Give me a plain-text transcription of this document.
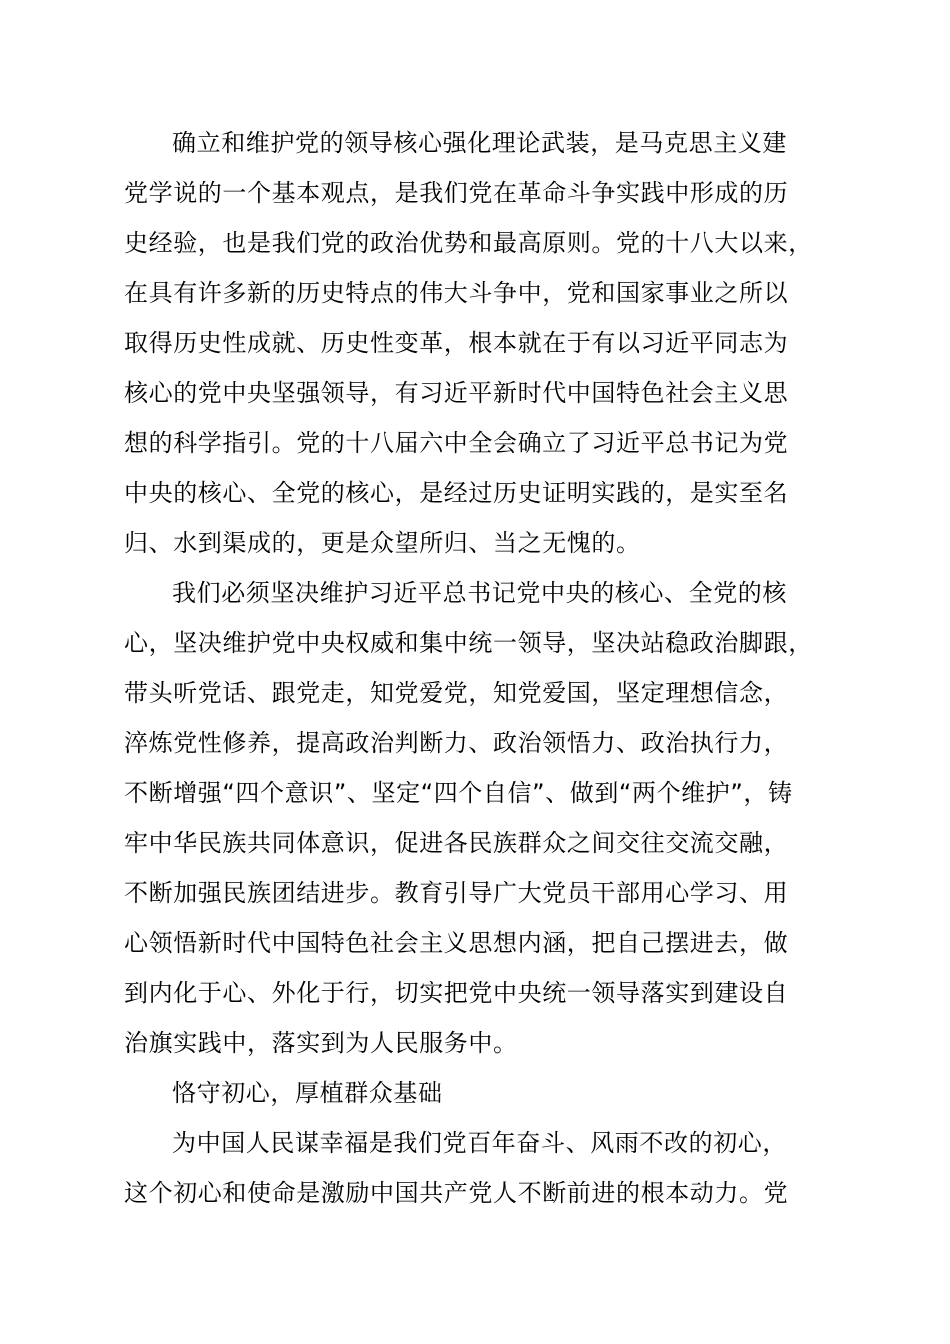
确立和维护党的领导核心强化理论武装，是马克思主义建
党学说的一个基本观点，是我们党在革命斗争实践中形成的历
史经验，也是我们党的政治优势和最高原则。党的十八大以来，
在具有许多新的历史特点的伟大斗争中，党和国家事业之所以
取得历史性成就、历史性变革，根本就在于有以习近平同志为
核心的党中央坚强领导，有习近平新时代中国特色社会主义思
想的科学指引。党的十八届六中全会确立了习近平总书记为党
中央的核心、全党的核心，是经过历史证明实践的，是实至名
归、水到渠成的，更是众望所归、当之无愧的。
我们必须坚决维护习近平总书记党中央的核心、全党的核
心，坚决维护党中央权威和集中统一领导，坚决站稳政治脚跟，
带头听党话、跟党走，知党爱党，知党爱国，坚定理想信念，
淬炼党性修养，提高政治判断力、政治领悟力、政治执行力，
不断增强“四个意识”、坚定“四个自信”、做到“两个维护”，铸
牢中华民族共同体意识，促进各民族群众之间交往交流交融，
不断加强民族团结进步。教育引导广大党员干部用心学习、用
心领悟新时代中国特色社会主义思想内涵，把自己摆进去，做
到内化于心、外化于行，切实把党中央统一领导落实到建设自
治旗实践中，落实到为人民服务中。
恪守初心，厚植群众基础
为中国人民谋幸福是我们党百年奋斗、风雨不改的初心，
这个初心和使命是激励中国共产党人不断前进的根本动力。党
